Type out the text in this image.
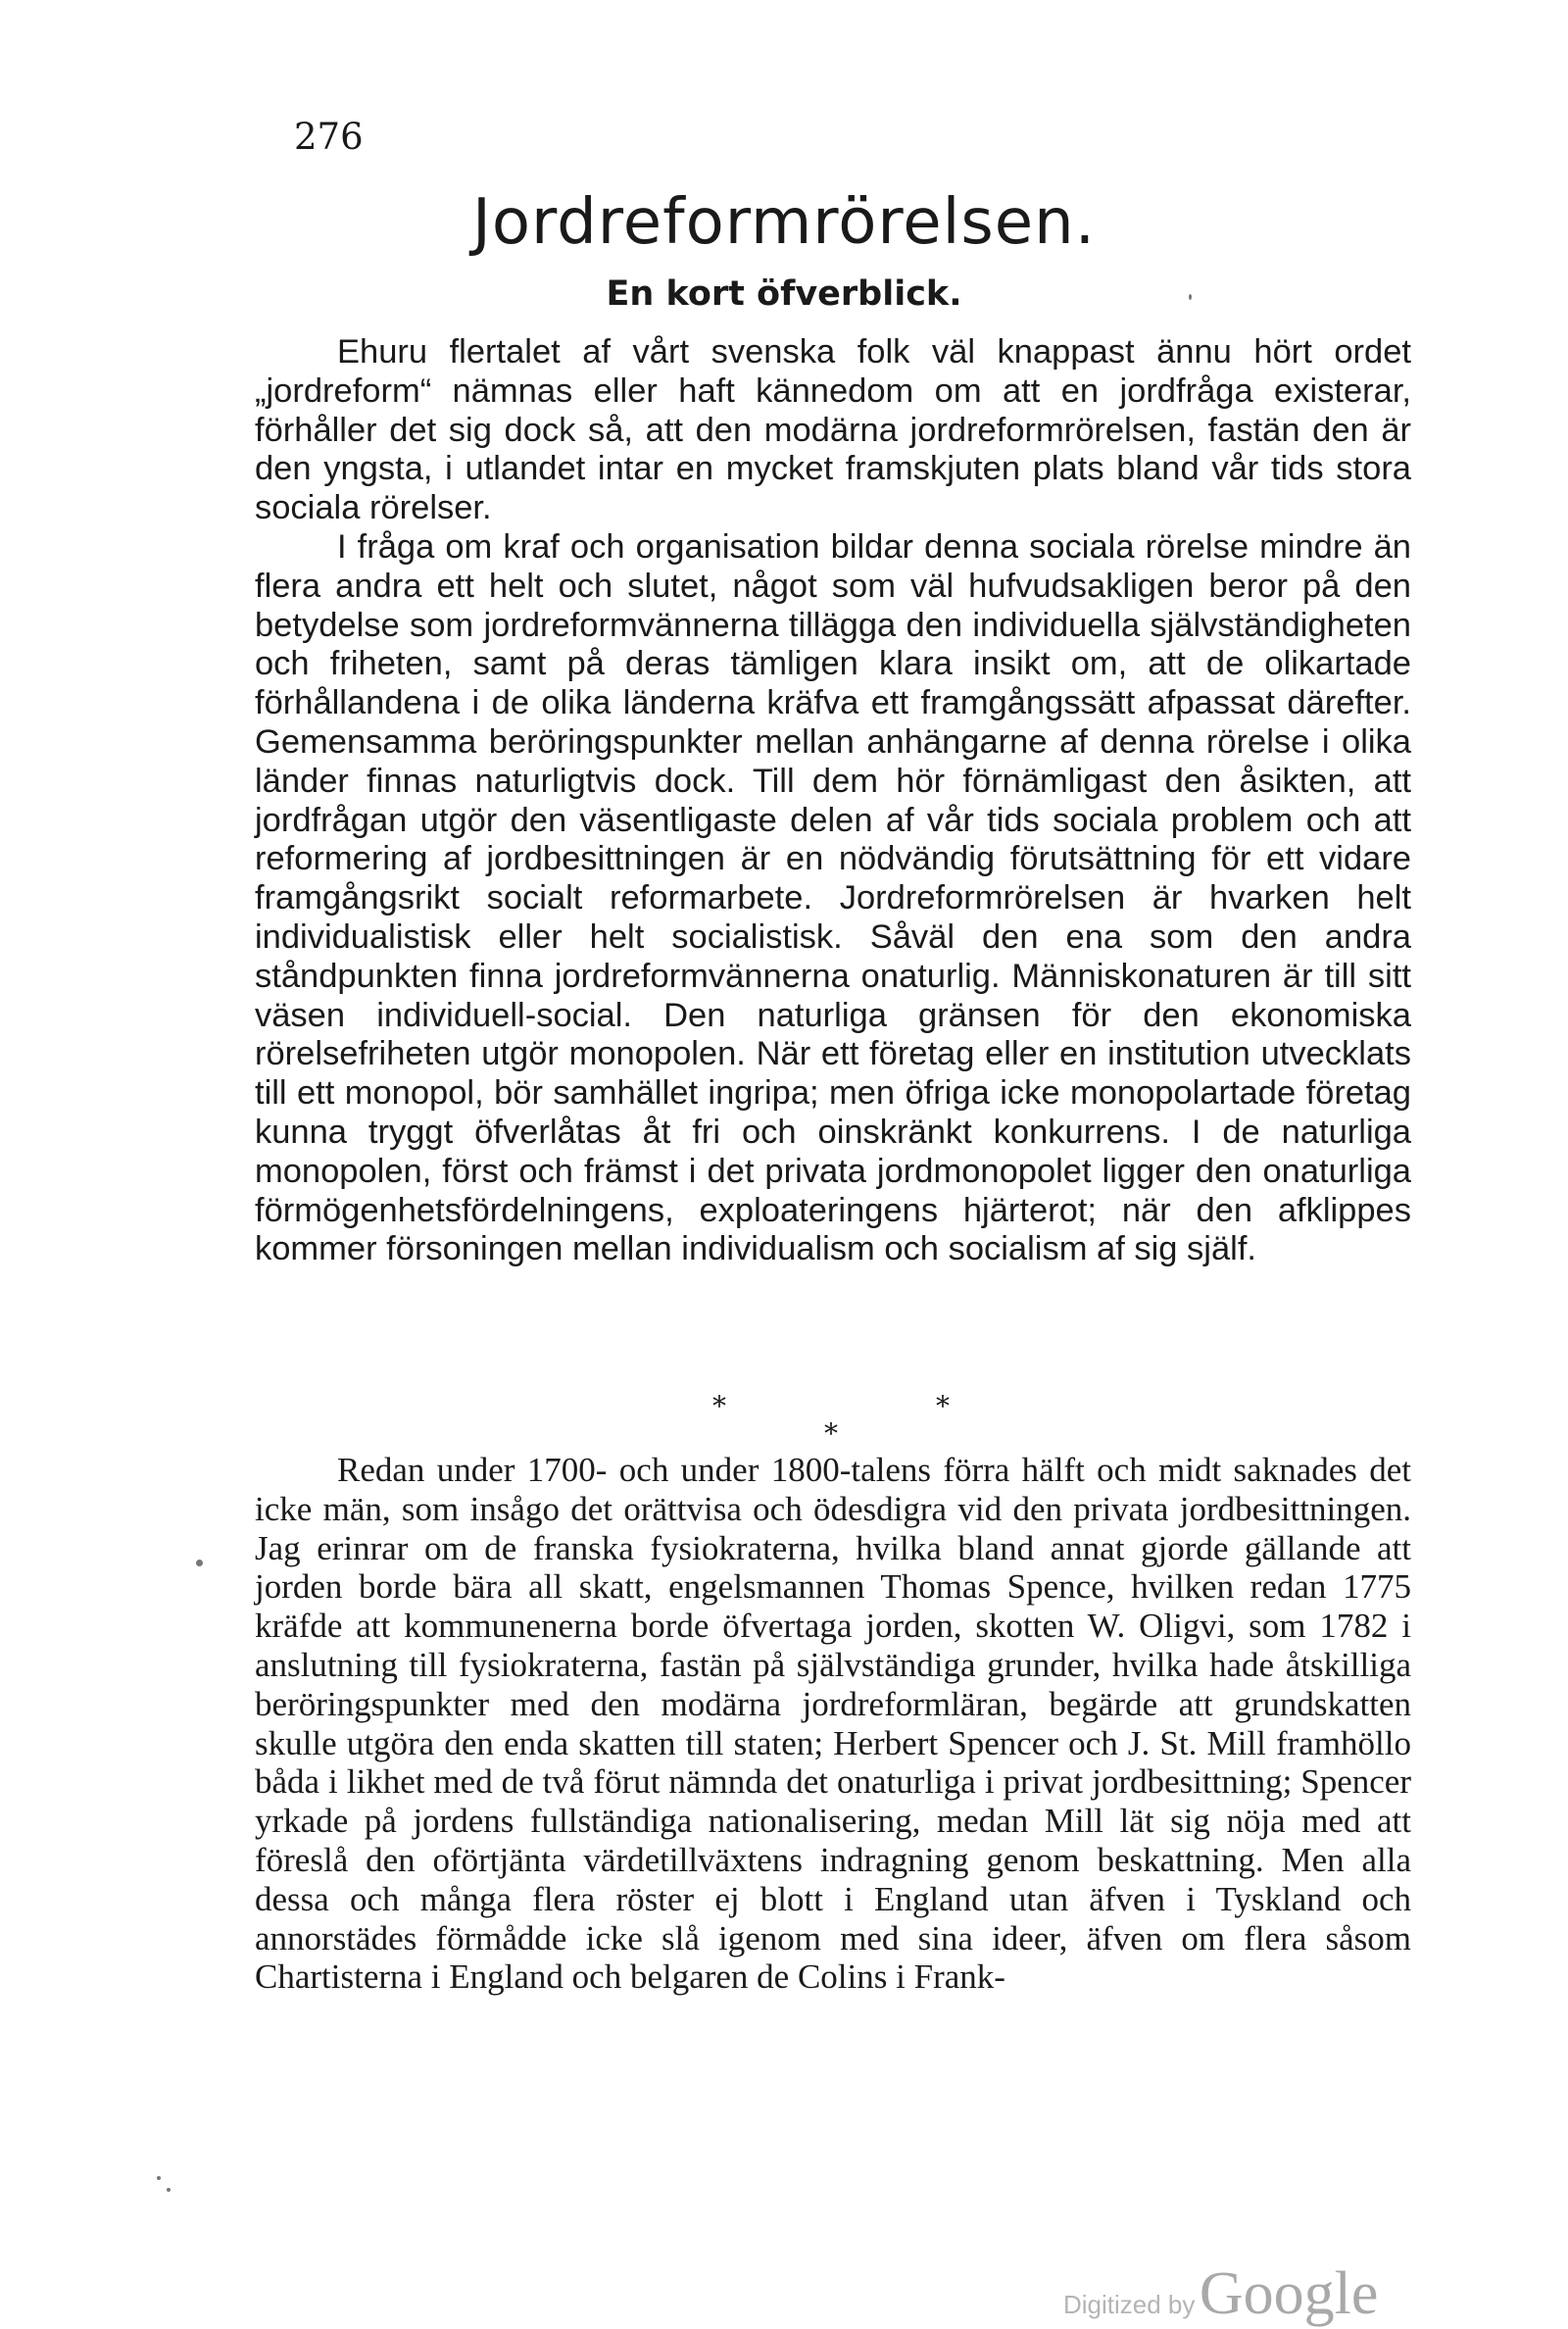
276
Jordreformrörelsen.
En kort öfverblick.

Ehuru flertalet af vårt svenska folk väl knappast ännu hört ordet „jordreform“ nämnas eller haft kännedom om att en jordfråga existerar, förhåller det sig dock så, att den modärna jordreformrörelsen, fastän den är den yngsta, i utlandet intar en mycket framskjuten plats bland vår tids stora sociala rörelser.

I fråga om kraf och organisation bildar denna sociala rörelse mindre än flera andra ett helt och slutet, något som väl hufvudsakligen beror på den betydelse som jordreformvännerna tillägga den individuella självständigheten och friheten, samt på deras tämligen klara insikt om, att de olikartade förhållandena i de olika länderna kräfva ett framgångssätt afpassat därefter. Gemensamma beröringspunkter mellan anhängarne af denna rörelse i olika länder finnas naturligtvis dock. Till dem hör förnämligast den åsikten, att jordfrågan utgör den väsentligaste delen af vår tids sociala problem och att reformering af jordbesittningen är en nödvändig förutsättning för ett vidare framgångsrikt socialt reformarbete. Jordreformrörelsen är hvarken helt individualistisk eller helt socialistisk. Såväl den ena som den andra ståndpunkten finna jordreformvännerna onaturlig. Människonaturen är till sitt väsen individuell-social. Den naturliga gränsen för den ekonomiska rörelsefriheten utgör monopolen. När ett företag eller en institution utvecklats till ett monopol, bör samhället ingripa; men öfriga icke monopolartade företag kunna tryggt öfverlåtas åt fri och oinskränkt konkurrens. I de naturliga monopolen, först och främst i det privata jordmonopolet ligger den onaturliga förmögenhetsfördelningens, exploateringens hjärterot; när den afklippes kommer försoningen mellan individualism och socialism af sig själf.

*	*
*

Redan under 1700- och under 1800-talens förra hälft och midt saknades det icke män, som insågo det orättvisa och ödesdigra vid den privata jordbesittningen. Jag erinrar om de franska fysiokraterna, hvilka bland annat gjorde gällande att jorden borde bära all skatt, engelsmannen Thomas Spence, hvilken redan 1775 kräfde att kommunenerna borde öfvertaga jorden, skotten W. Oligvi, som 1782 i anslutning till fysiokraterna, fastän på självständiga grunder, hvilka hade åtskilliga beröringspunkter med den modärna jordreformläran, begärde att grundskatten skulle utgöra den enda skatten till staten; Herbert Spencer och J. St. Mill framhöllo båda i likhet med de två förut nämnda det onaturliga i privat jordbesittning; Spencer yrkade på jordens fullständiga nationalisering, medan Mill lät sig nöja med att föreslå den oförtjänta värdetillväxtens indragning genom beskattning. Men alla dessa och många flera röster ej blott i England utan äfven i Tyskland och annorstädes förmådde icke slå igenom med sina ideer, äfven om flera såsom Chartisterna i England och belgaren de Colins i Frank-

Digitized by Google
